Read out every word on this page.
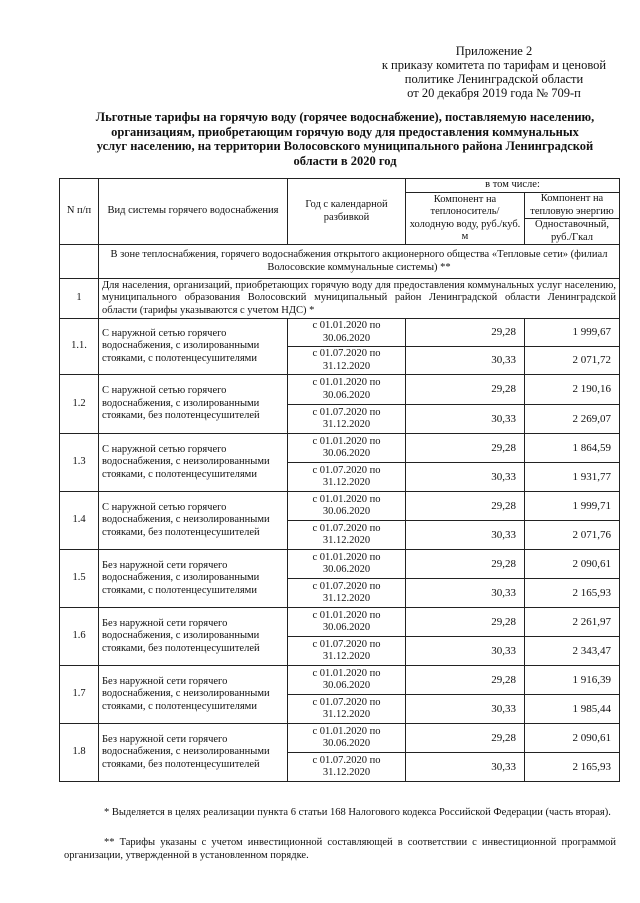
Приложение 2
к приказу комитета по тарифам и ценовой
политике Ленинградской области
от 20 декабря 2019 года № 709-п
Льготные тарифы на горячую воду (горячее водоснабжение), поставляемую населению, организациям, приобретающим горячую воду для предоставления коммунальных услуг населению, на территории Волосовского муниципального района Ленинградской области в 2020 год
N п/п	Вид системы горячего водоснабжения	Год с календарной разбивкой	в том числе:	
			Компонент на теплоноситель/холодную воду, руб./куб. м	Компонент на тепловую энергию
				Одноставочный, руб./Гкал
	В зоне теплоснабжения, горячего водоснабжения открытого акционерного общества «Тепловые сети» (филиал Волосовские коммунальные системы) **			
1	Для населения, организаций, приобретающих горячую воду для предоставления коммунальных услуг населению, муниципального образования Волосовский муниципальный район Ленинградской области Ленинградской области (тарифы указываются с учетом НДС) *			
1.1.	С наружной сетью горячего водоснабжения, с изолированными стояками, с полотенцесушителями	с 01.01.2020 по 30.06.2020	29,28	1 999,67
		с 01.07.2020 по 31.12.2020	30,33	2 071,72
1.2	С наружной сетью горячего водоснабжения, с изолированными стояками, без полотенцесушителей	с 01.01.2020 по 30.06.2020	29,28	2 190,16
		с 01.07.2020 по 31.12.2020	30,33	2 269,07
1.3	С наружной сетью горячего водоснабжения, с неизолированными стояками, с полотенцесушителями	с 01.01.2020 по 30.06.2020	29,28	1 864,59
		с 01.07.2020 по 31.12.2020	30,33	1 931,77
1.4	С наружной сетью горячего водоснабжения, с неизолированными стояками, без полотенцесушителей	с 01.01.2020 по 30.06.2020	29,28	1 999,71
		с 01.07.2020 по 31.12.2020	30,33	2 071,76
1.5	Без наружной сети горячего водоснабжения, с изолированными стояками, с полотенцесушителями	с 01.01.2020 по 30.06.2020	29,28	2 090,61
		с 01.07.2020 по 31.12.2020	30,33	2 165,93
1.6	Без наружной сети горячего водоснабжения, с изолированными стояками, без полотенцесушителей	с 01.01.2020 по 30.06.2020	29,28	2 261,97
		с 01.07.2020 по 31.12.2020	30,33	2 343,47
1.7	Без наружной сети горячего водоснабжения, с неизолированными стояками, с полотенцесушителями	с 01.01.2020 по 30.06.2020	29,28	1 916,39
		с 01.07.2020 по 31.12.2020	30,33	1 985,44
1.8	Без наружной сети горячего водоснабжения, с неизолированными стояками, без полотенцесушителей	с 01.01.2020 по 30.06.2020	29,28	2 090,61
		с 01.07.2020 по 31.12.2020	30,33	2 165,93
* Выделяется в целях реализации пункта 6 статьи 168 Налогового кодекса Российской Федерации (часть вторая).
** Тарифы указаны с учетом инвестиционной составляющей в соответствии с инвестиционной программой организации, утвержденной в установленном порядке.
